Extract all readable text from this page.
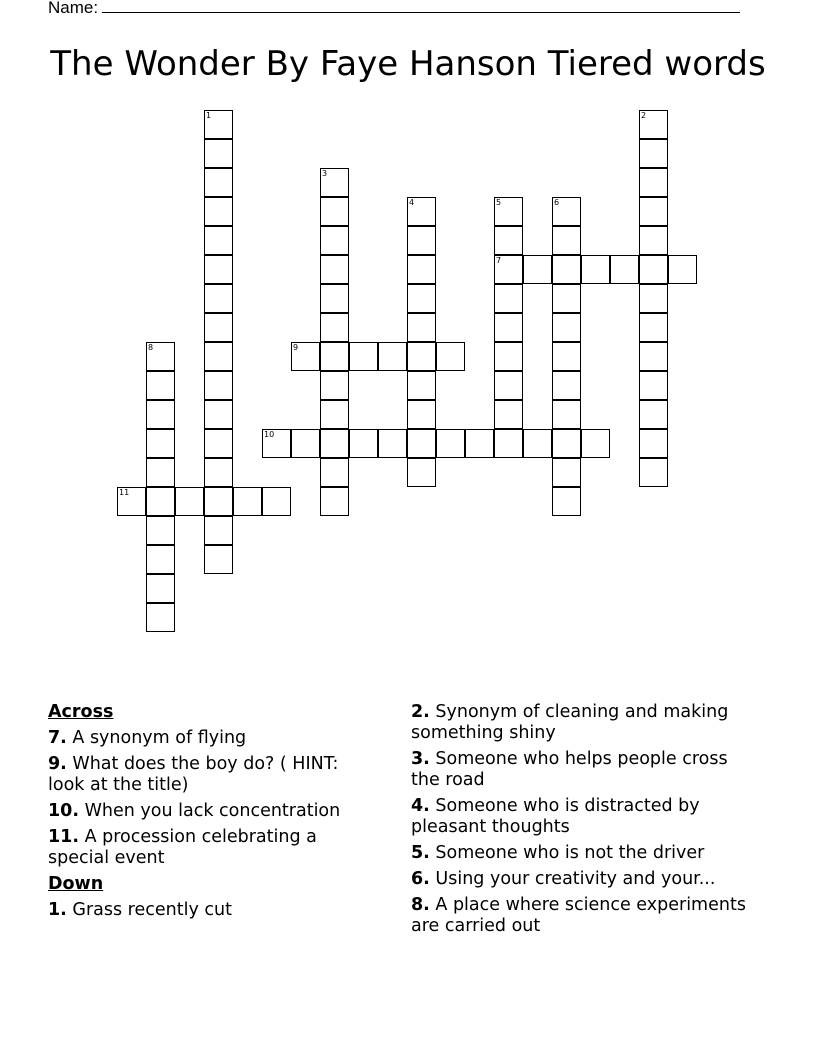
Name:
The Wonder By Faye Hanson Tiered words
1	2
3
4	5
7
6
8	9
10
11
Across
7. A synonym of flying
9. What does the boy do? ( HINT: look at the title)
10. When you lack concentration
11. A procession celebrating a special event
Down
1. Grass recently cut
2. Synonym of cleaning and making something shiny
3. Someone who helps people cross the road
4. Someone who is distracted by pleasant thoughts
5. Someone who is not the driver
6. Using your creativity and your...
8. A place where science experiments are carried out
